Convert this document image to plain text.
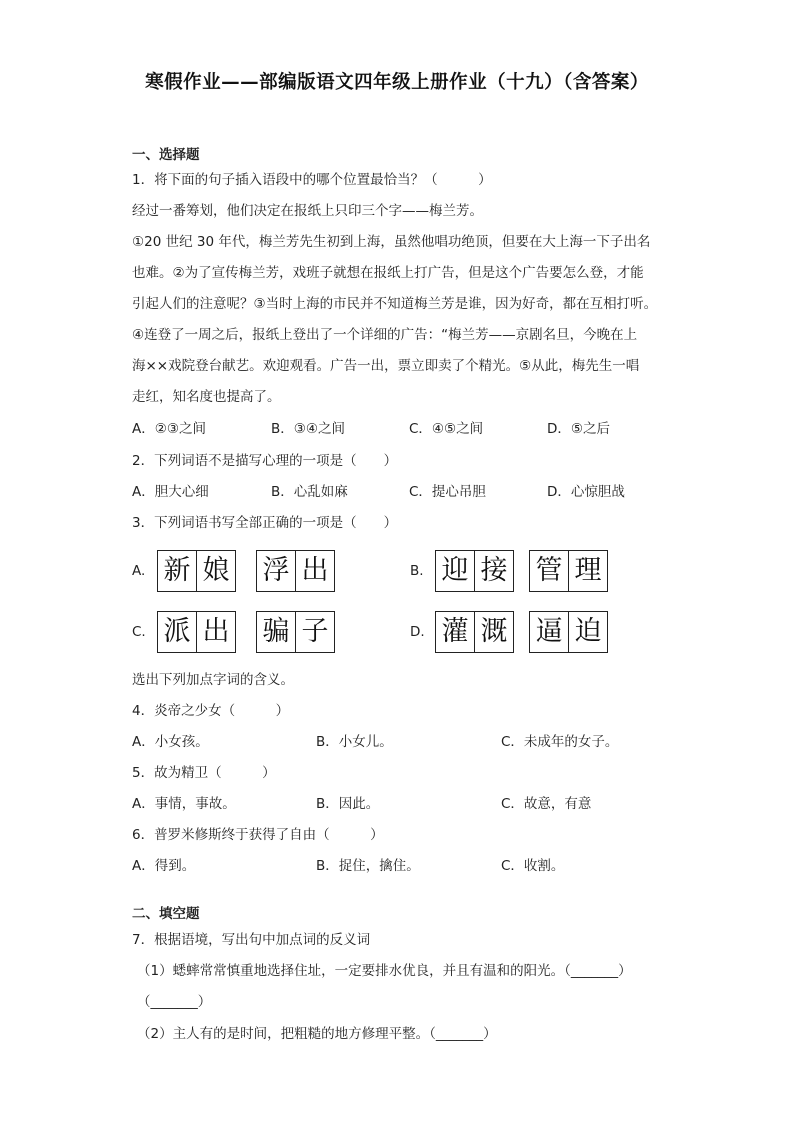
寒假作业——部编版语文四年级上册作业（十九）（含答案）
一、选择题
1．将下面的句子插入语段中的哪个位置最恰当？（　　　）
经过一番筹划，他们决定在报纸上只印三个字——梅兰芳。
①20 世纪 30 年代，梅兰芳先生初到上海，虽然他唱功绝顶，但要在大上海一下子出名
也难。②为了宣传梅兰芳，戏班子就想在报纸上打广告，但是这个广告要怎么登，才能
引起人们的注意呢？③当时上海的市民并不知道梅兰芳是谁，因为好奇，都在互相打听。
④连登了一周之后，报纸上登出了一个详细的广告：“梅兰芳——京剧名旦，今晚在上
海××戏院登台献艺。欢迎观看。广告一出，票立即卖了个精光。⑤从此，梅先生一唱
走红，知名度也提高了。
A．②③之间	B．③④之间	C．④⑤之间	D．⑤之后
2．下列词语不是描写心理的一项是（　　）
A．胆大心细	B．心乱如麻	C．提心吊胆	D．心惊胆战
3．下列词语书写全部正确的一项是（　　）
A. 新 娘 浮 出	B. 迎 接 管 理
C. 派 出 骗 子	D. 灌 溉 逼 迫
选出下列加点字词的含义。
4．炎帝之少女（　　　）
A．小女孩。	B．小女儿。	C．未成年的女子。
5．故为精卫（　　　）
A．事情，事故。	B．因此。	C．故意，有意
6．普罗米修斯终于获得了自由（　　　）
A．得到。	B．捉住，擒住。	C．收割。
二、填空题
7．根据语境，写出句中加点词的反义词
（1）蟋蟀常常慎重地选择住址，一定要排水优良，并且有温和的阳光。（_______）
（_______）
（2）主人有的是时间，把粗糙的地方修理平整。（_______）
